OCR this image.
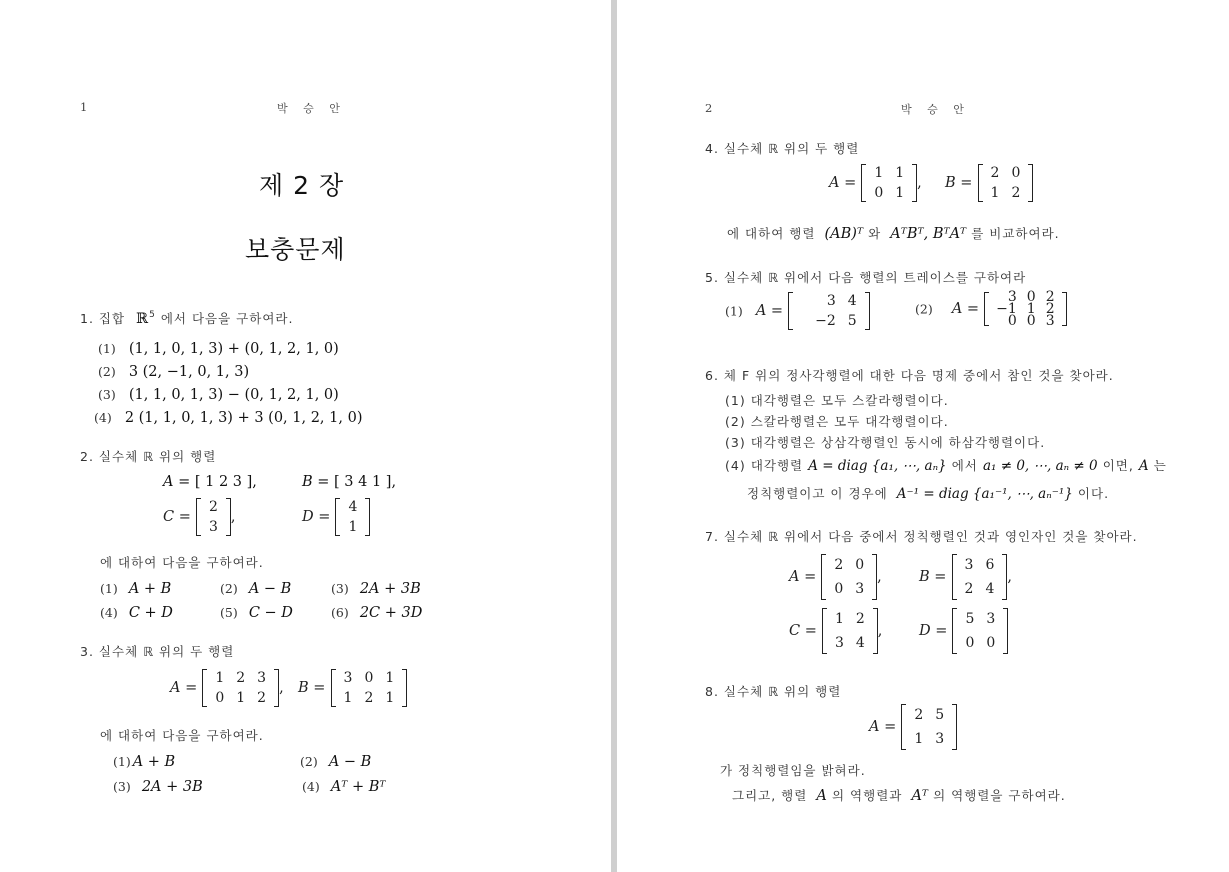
1	박 승 안
제 2 장
보충문제
1. 집합 ℝ$^5$ 에서 다음을 구하여라.
(1) (1, 1, 0, 1, 3) + (0, 1, 2, 1, 0)
(2) 3 (2, −1, 0, 1, 3)
(3) (1, 1, 0, 1, 3) − (0, 1, 2, 1, 0)
(4) 2 (1, 1, 0, 1, 3) + 3 (0, 1, 2, 1, 0)
2. 실수체 ℝ 위의 행렬
A = [ 1 2 3 ],	B = [ 3 4 1 ],
C =
2
3
,	D =
4
1
에 대하여 다음을 구하여라.
(1) A + B	(2) A − B	(3) 2A + 3B
(4) C + D	(5) C − D	(6) 2C + 3D
3. 실수체 ℝ 위의 두 행렬
A =
1	2	3
0	1	2
, B =
3	0	1
1	2	1
에 대하여 다음을 구하여라.
(1) A + B	(2) A − B
(3) 2A + 3B	(4) Aᵀ + Bᵀ
2	박 승 안
4. 실수체 ℝ 위의 두 행렬
A =
1	1
0	1
, B =
2	0
1	2
에 대하여 행렬 (AB)ᵀ 와 AᵀBᵀ, BᵀAᵀ 를 비교하여라.
5. 실수체 ℝ 위에서 다음 행렬의 트레이스를 구하여라
(1) A =
3	4
−2	5
(2) A =
3	0	2
−1	1	2
0	0	3
6. 체 F 위의 정사각행렬에 대한 다음 명제 중에서 참인 것을 찾아라.
(1) 대각행렬은 모두 스칼라행렬이다.
(2) 스칼라행렬은 모두 대각행렬이다.
(3) 대각행렬은 상삼각행렬인 동시에 하삼각행렬이다.
(4) 대각행렬 A = diag {a₁, ⋯, aₙ} 에서 a₁ ≠ 0, ⋯, aₙ ≠ 0 이면, A 는
정칙행렬이고 이 경우에 A⁻¹ = diag {a₁⁻¹, ⋯, aₙ⁻¹} 이다.
7. 실수체 ℝ 위에서 다음 중에서 정칙행렬인 것과 영인자인 것을 찾아라.
A =
2	0
0	3
,	B =
3	6
2	4
,
C =
1	2
3	4
,	D =
5	3
0	0
8. 실수체 ℝ 위의 행렬
A =
2	5
1	3
가 정칙행렬임을 밝혀라.
그리고, 행렬 A 의 역행렬과 Aᵀ 의 역행렬을 구하여라.
